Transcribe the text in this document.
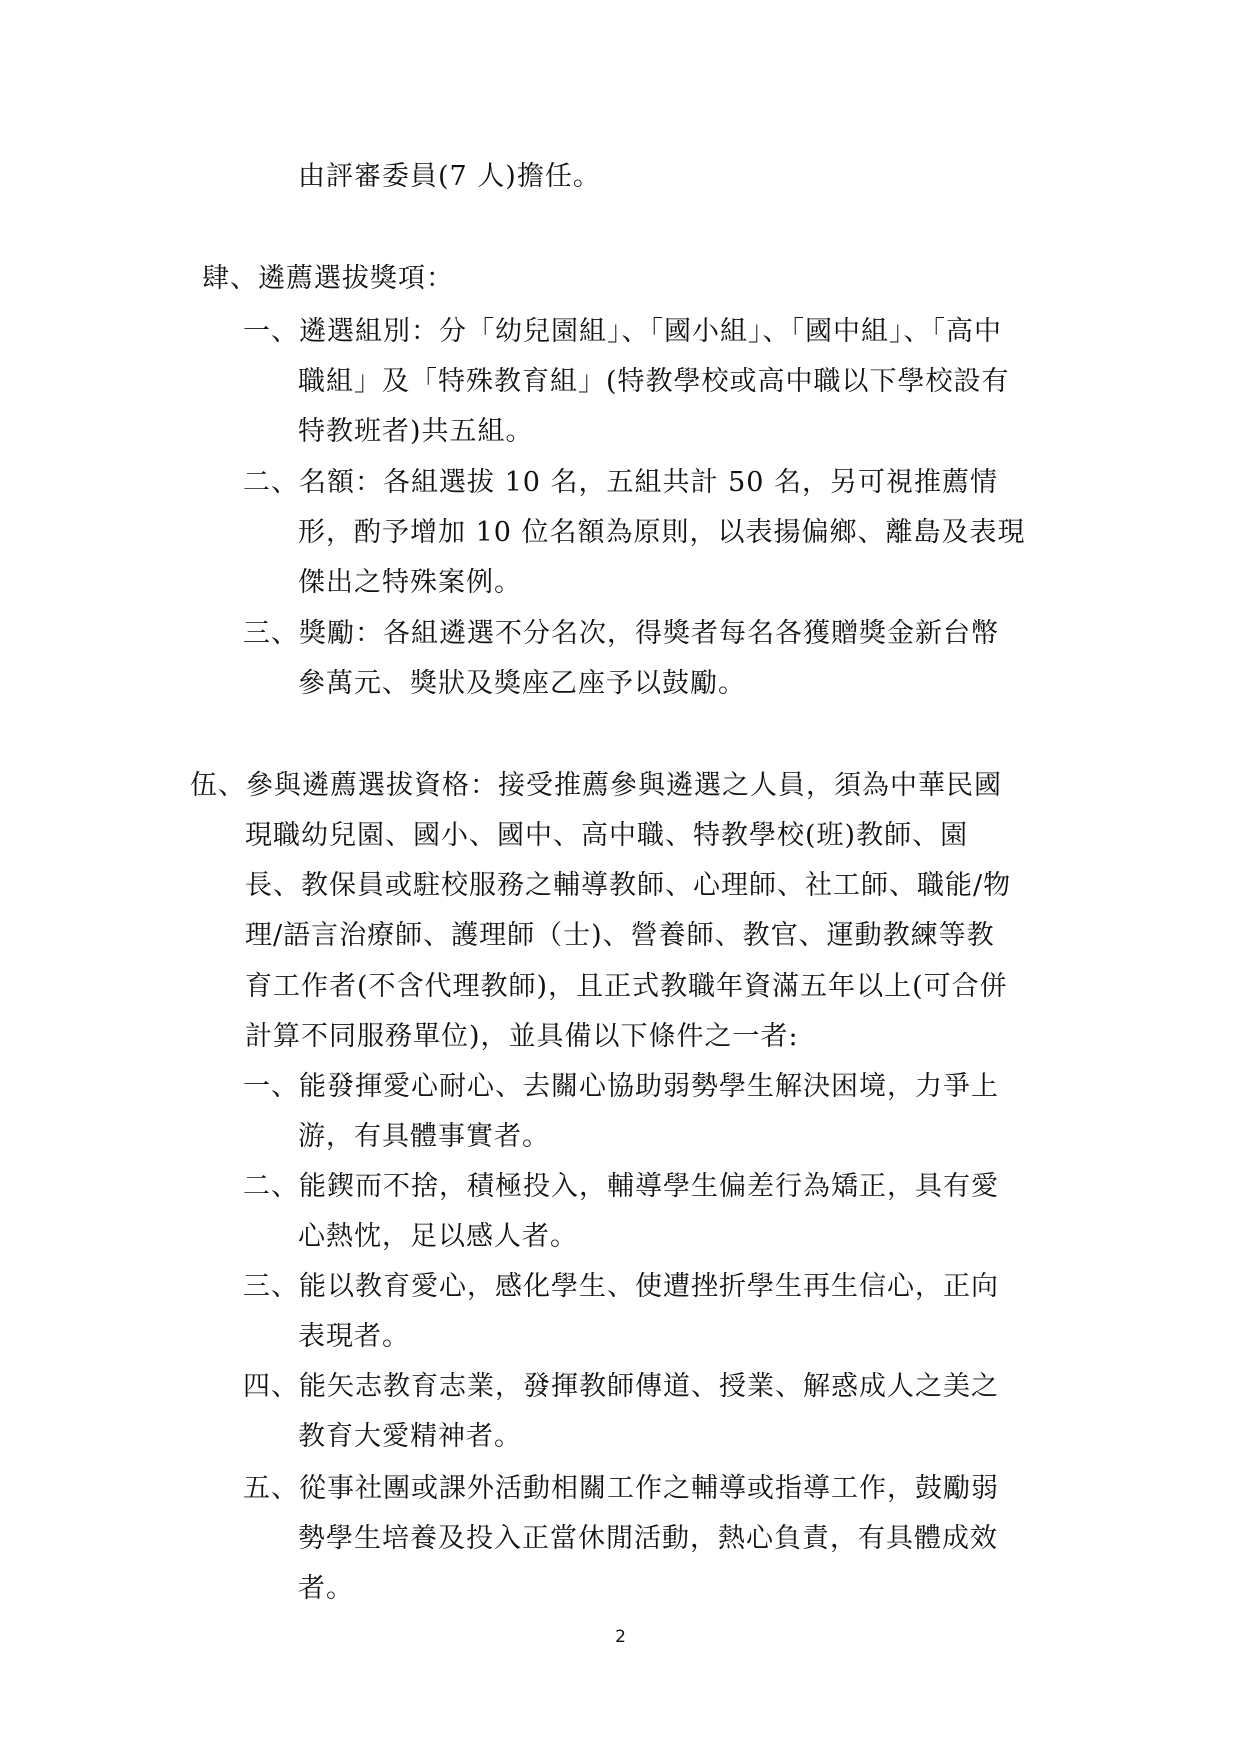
由評審委員(7 人)擔任。
肆、遴薦選拔獎項：
一、遴選組別：分「幼兒園組」、「國小組」、「國中組」、「高中
職組」及「特殊教育組」(特教學校或高中職以下學校設有
特教班者)共五組。
二、名額：各組選拔 10 名，五組共計 50 名，另可視推薦情
形，酌予增加 10 位名額為原則，以表揚偏鄉、離島及表現
傑出之特殊案例。
三、獎勵：各組遴選不分名次，得獎者每名各獲贈獎金新台幣
參萬元、獎狀及獎座乙座予以鼓勵。
伍、參與遴薦選拔資格：接受推薦參與遴選之人員，須為中華民國
現職幼兒園、國小、國中、高中職、特教學校(班)教師、園
長、教保員或駐校服務之輔導教師、心理師、社工師、職能/物
理/語言治療師、護理師（士)、營養師、教官、運動教練等教
育工作者(不含代理教師)，且正式教職年資滿五年以上(可合併
計算不同服務單位)，並具備以下條件之一者:
一、能發揮愛心耐心、去關心協助弱勢學生解決困境，力爭上
游，有具體事實者。
二、能鍥而不捨，積極投入，輔導學生偏差行為矯正，具有愛
心熱忱，足以感人者。
三、能以教育愛心，感化學生、使遭挫折學生再生信心，正向
表現者。
四、能矢志教育志業，發揮教師傳道、授業、解惑成人之美之
教育大愛精神者。
五、從事社團或課外活動相關工作之輔導或指導工作，鼓勵弱
勢學生培養及投入正當休閒活動，熱心負責，有具體成效
者。
2
